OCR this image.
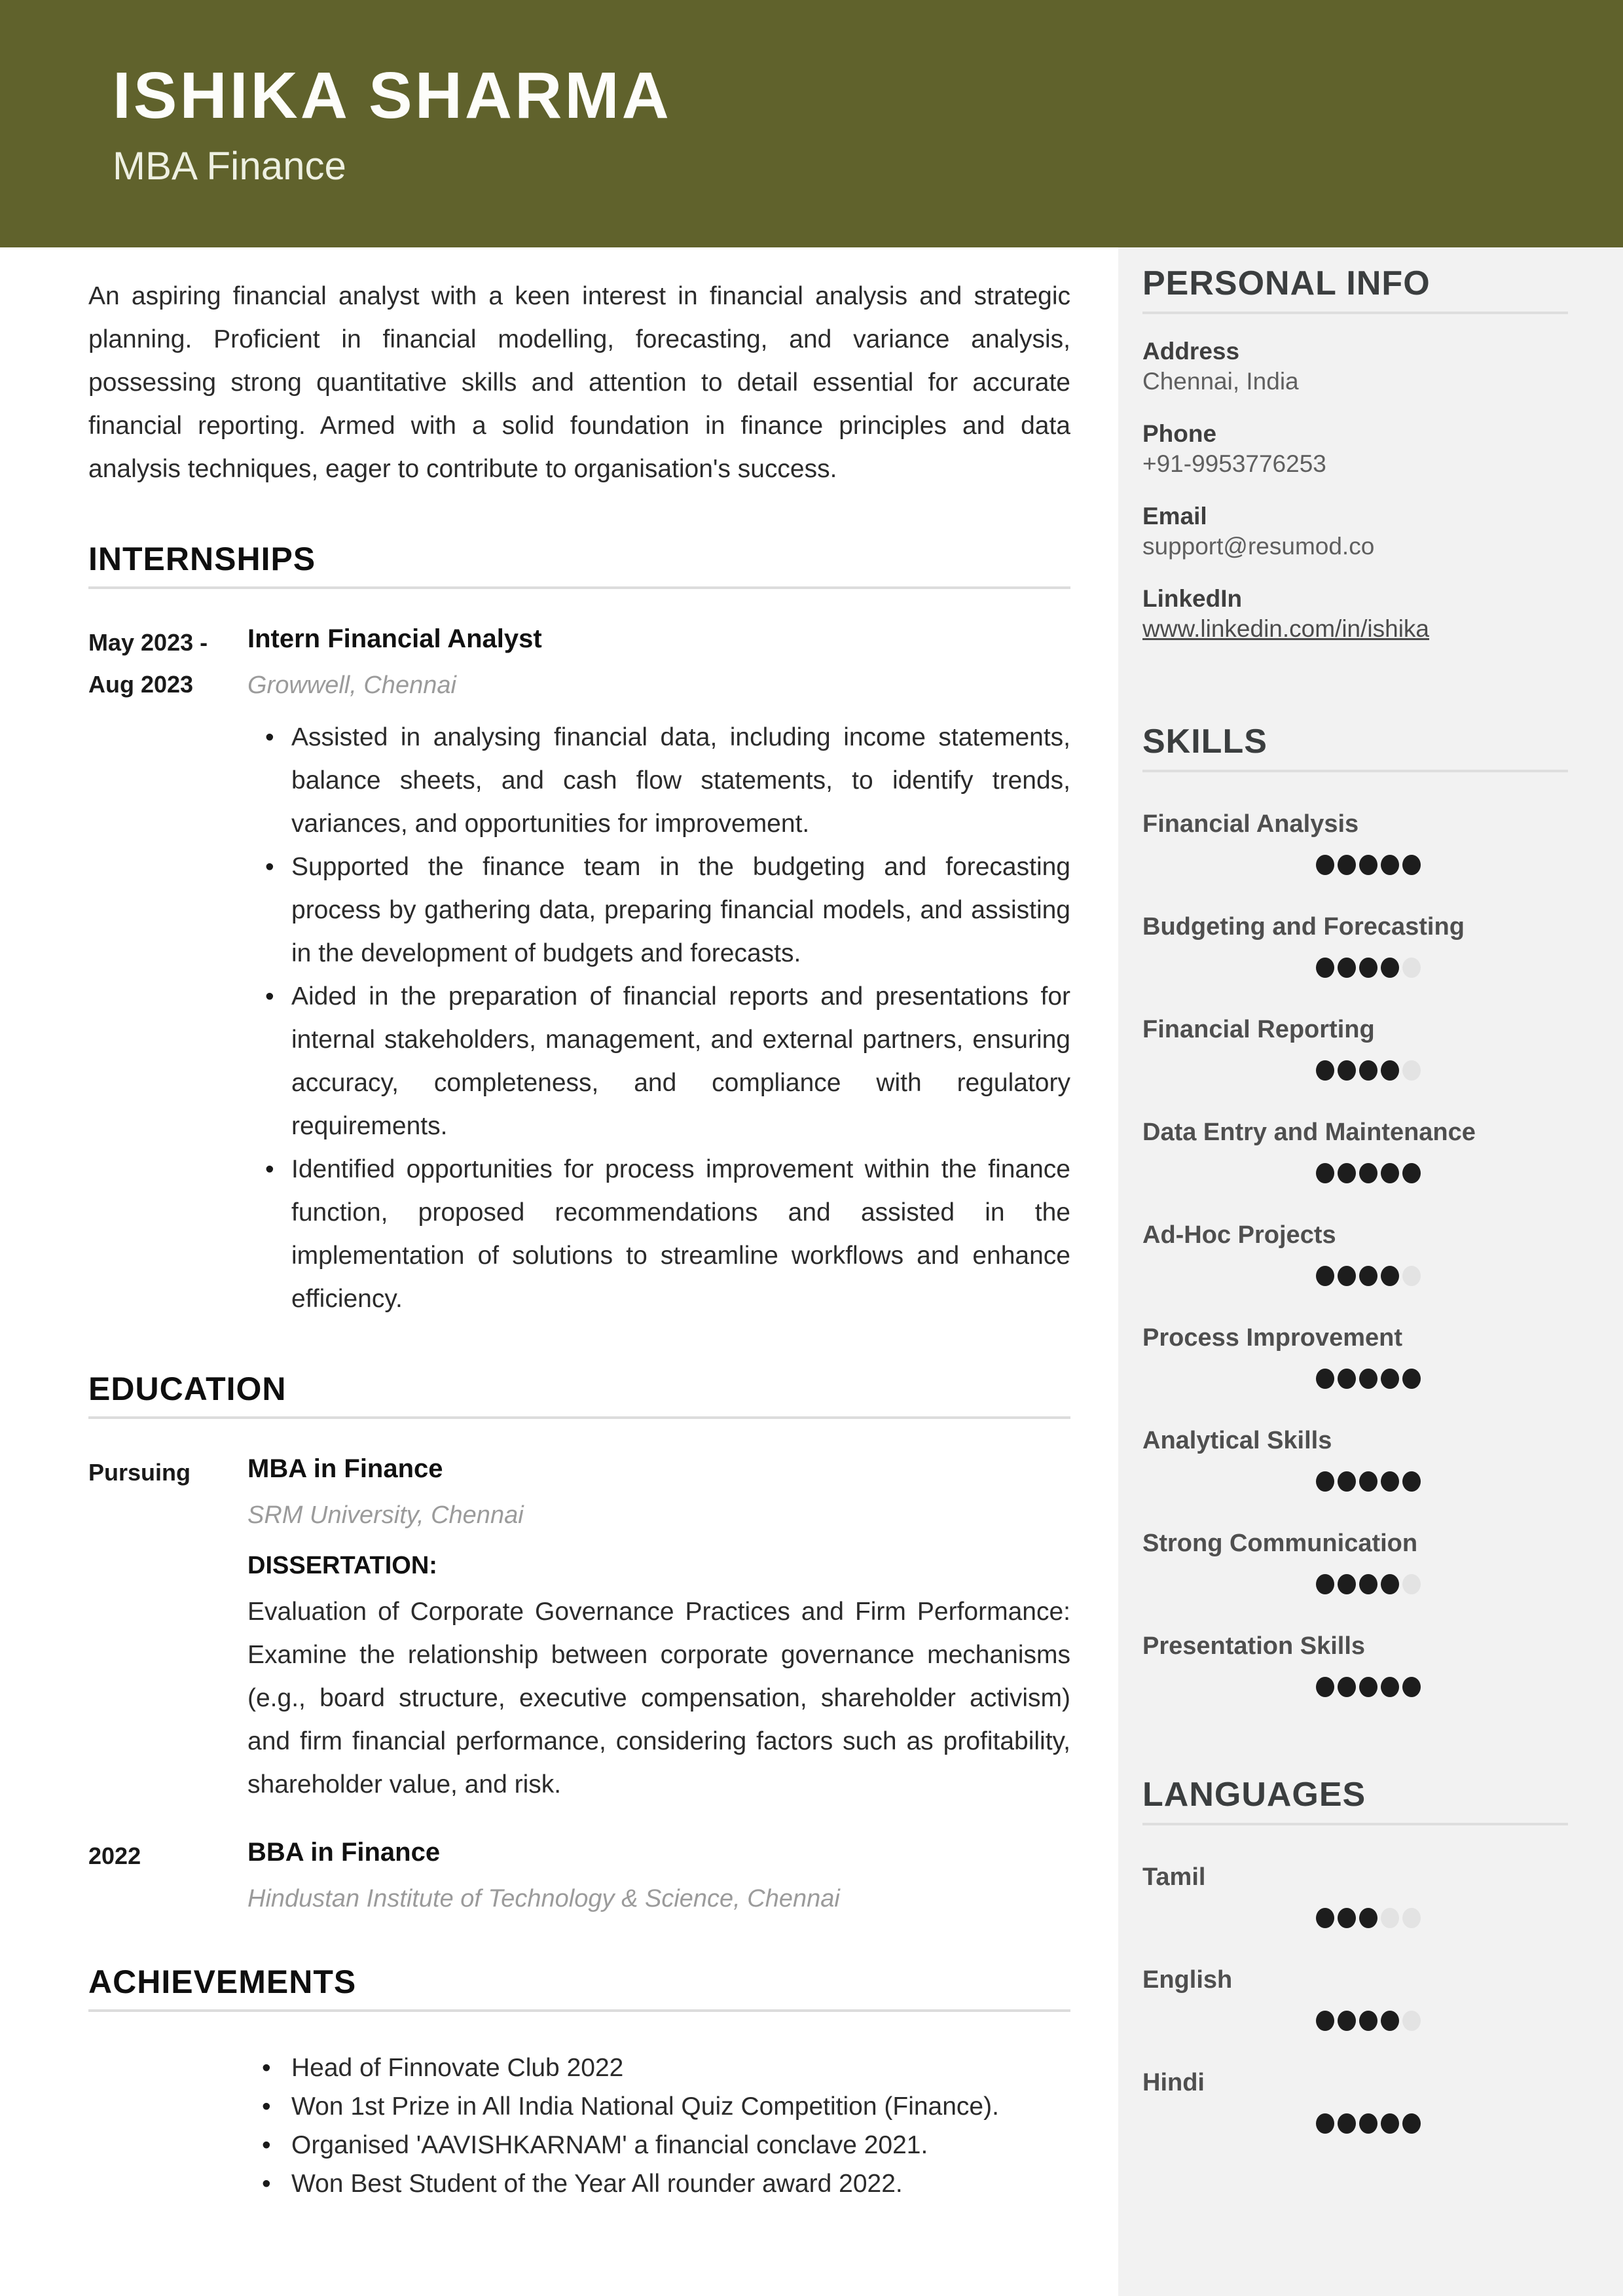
ISHIKA SHARMA
MBA Finance

An aspiring financial analyst with a keen interest in financial analysis and strategic planning. Proficient in financial modelling, forecasting, and variance analysis, possessing strong quantitative skills and attention to detail essential for accurate financial reporting. Armed with a solid foundation in finance principles and data analysis techniques, eager to contribute to organisation's success.

INTERNSHIPS
May 2023 -
Aug 2023
Intern Financial Analyst
Growwell, Chennai
• Assisted in analysing financial data, including income statements, balance sheets, and cash flow statements, to identify trends, variances, and opportunities for improvement.
• Supported the finance team in the budgeting and forecasting process by gathering data, preparing financial models, and assisting in the development of budgets and forecasts.
• Aided in the preparation of financial reports and presentations for internal stakeholders, management, and external partners, ensuring accuracy, completeness, and compliance with regulatory requirements.
• Identified opportunities for process improvement within the finance function, proposed recommendations and assisted in the implementation of solutions to streamline workflows and enhance efficiency.
EDUCATION
Pursuing	MBA in Finance
SRM University, Chennai
DISSERTATION:

Evaluation of Corporate Governance Practices and Firm Performance: Examine the relationship between corporate governance mechanisms (e.g., board structure, executive compensation, shareholder activism) and firm financial performance, considering factors such as profitability, shareholder value, and risk.

2022	BBA in Finance
Hindustan Institute of Technology & Science, Chennai
ACHIEVEMENTS
• Head of Finnovate Club 2022
• Won 1st Prize in All India National Quiz Competition (Finance).
• Organised 'AAVISHKARNAM' a financial conclave 2021.
• Won Best Student of the Year All rounder award 2022.
PERSONAL INFO
Address
Chennai, India
Phone
+91-9953776253
Email
support@resumod.co
LinkedIn
www.linkedin.com/in/ishika
SKILLS
Financial Analysis
Budgeting and Forecasting
Financial Reporting
Data Entry and Maintenance
Ad-Hoc Projects
Process Improvement
Analytical Skills
Strong Communication
Presentation Skills
LANGUAGES
Tamil
English
Hindi
